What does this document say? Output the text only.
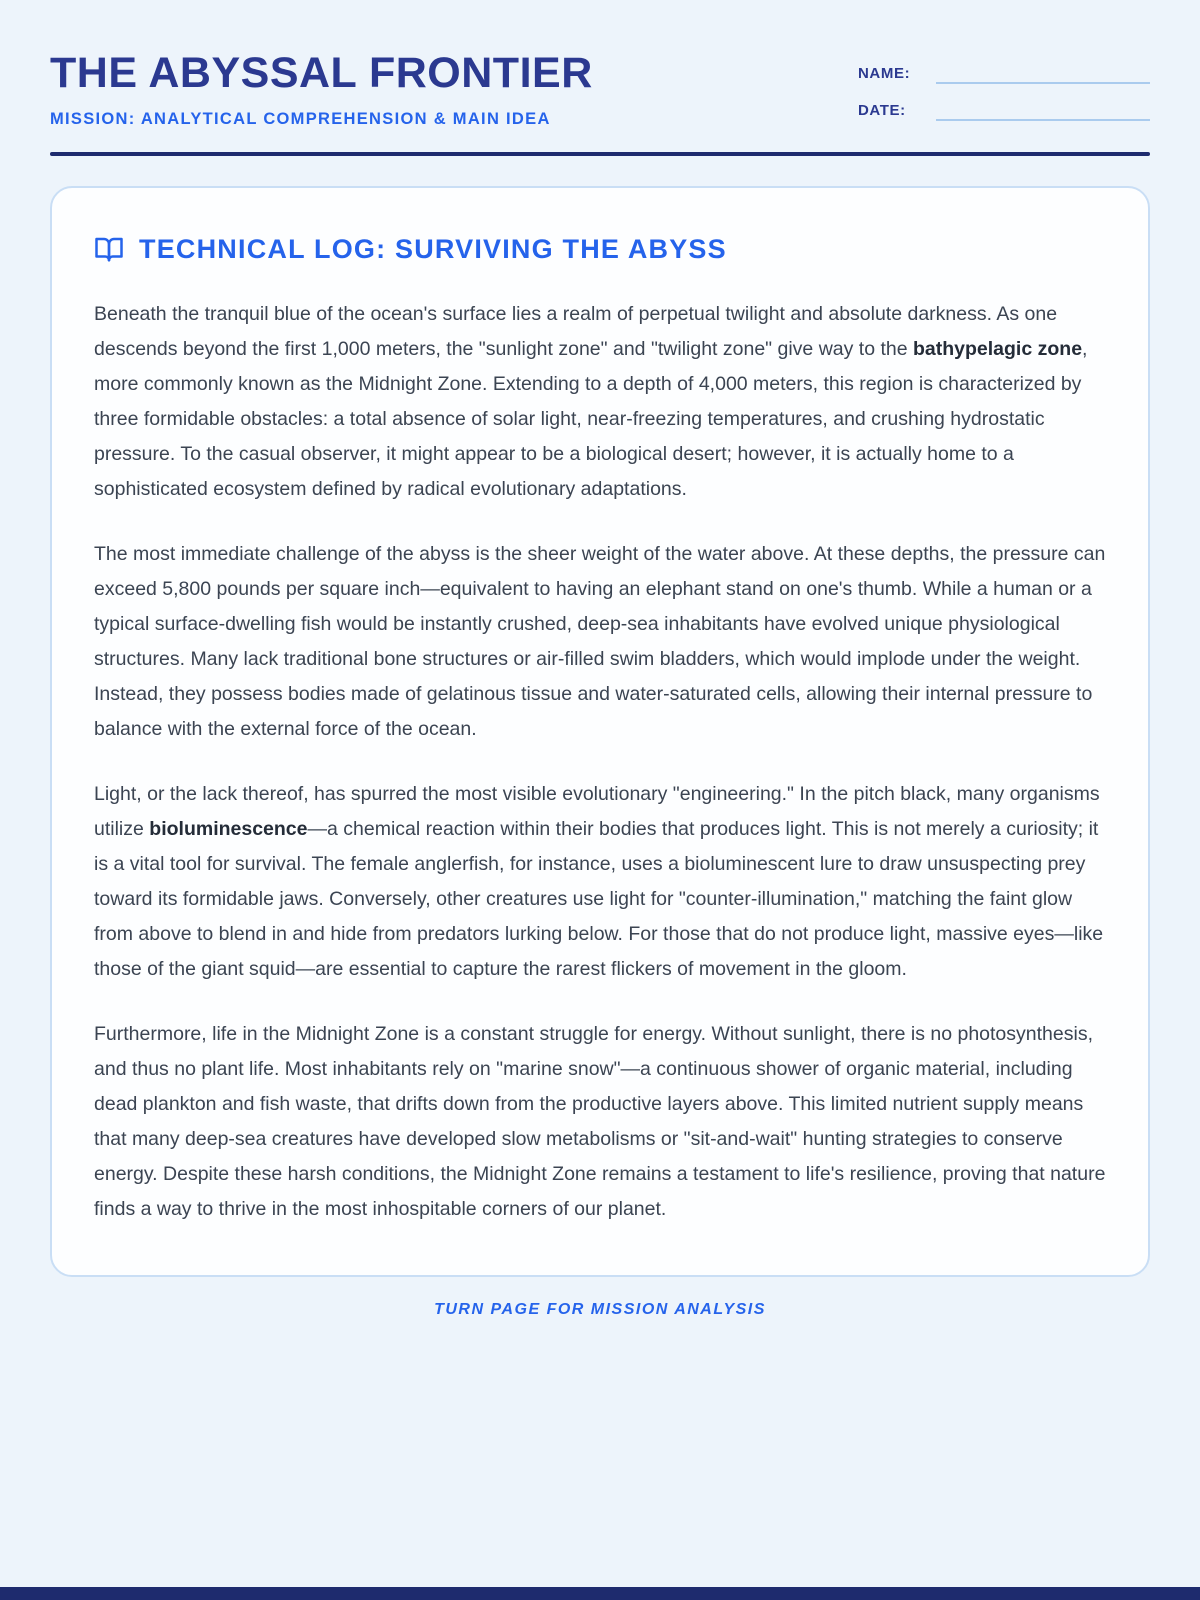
THE ABYSSAL FRONTIER
MISSION: ANALYTICAL COMPREHENSION & MAIN IDEA
NAME:
DATE:
TECHNICAL LOG: SURVIVING THE ABYSS

Beneath the tranquil blue of the ocean's surface lies a realm of perpetual twilight and absolute darkness. As one descends beyond the first 1,000 meters, the "sunlight zone" and "twilight zone" give way to the bathypelagic zone, more commonly known as the Midnight Zone. Extending to a depth of 4,000 meters, this region is characterized by three formidable obstacles: a total absence of solar light, near-freezing temperatures, and crushing hydrostatic pressure. To the casual observer, it might appear to be a biological desert; however, it is actually home to a sophisticated ecosystem defined by radical evolutionary adaptations.

The most immediate challenge of the abyss is the sheer weight of the water above. At these depths, the pressure can exceed 5,800 pounds per square inch—equivalent to having an elephant stand on one's thumb. While a human or a typical surface-dwelling fish would be instantly crushed, deep-sea inhabitants have evolved unique physiological structures. Many lack traditional bone structures or air-filled swim bladders, which would implode under the weight. Instead, they possess bodies made of gelatinous tissue and water-saturated cells, allowing their internal pressure to balance with the external force of the ocean.

Light, or the lack thereof, has spurred the most visible evolutionary "engineering." In the pitch black, many organisms utilize bioluminescence—a chemical reaction within their bodies that produces light. This is not merely a curiosity; it is a vital tool for survival. The female anglerfish, for instance, uses a bioluminescent lure to draw unsuspecting prey toward its formidable jaws. Conversely, other creatures use light for "counter-illumination," matching the faint glow from above to blend in and hide from predators lurking below. For those that do not produce light, massive eyes—like those of the giant squid—are essential to capture the rarest flickers of movement in the gloom.

Furthermore, life in the Midnight Zone is a constant struggle for energy. Without sunlight, there is no photosynthesis, and thus no plant life. Most inhabitants rely on "marine snow"—a continuous shower of organic material, including dead plankton and fish waste, that drifts down from the productive layers above. This limited nutrient supply means that many deep-sea creatures have developed slow metabolisms or "sit-and-wait" hunting strategies to conserve energy. Despite these harsh conditions, the Midnight Zone remains a testament to life's resilience, proving that nature finds a way to thrive in the most inhospitable corners of our planet.

TURN PAGE FOR MISSION ANALYSIS
